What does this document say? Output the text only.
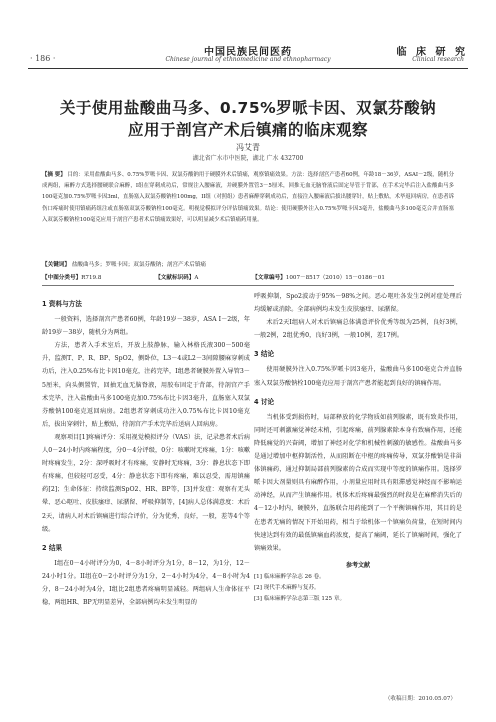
· 186 ·
中国民族民间医药
Chinese journal of ethnomedicine and ethnopharmacy
临 床 研 究
Clinical research
关于使用盐酸曲马多、0.75%罗哌卡因、双氯芬酸钠
应用于剖宫产术后镇痛的临床观察
冯艾青
湖北省广水市中医院，湖北 广水 432700
【摘 要】 目的：采用盐酸曲马多、0.75%罗哌卡因、双氯芬酸钠用于硬膜外术后镇痛，观察镇痛效果。方法：选择剖宫产患者60例，年龄18－36岁，ASAI－2级，随机分成两组，麻醉方式选择腰硬联合麻醉，I组在穿刺成功后，常规注入腰麻液，并硬膜外置管3－5厘米，回推无血无脑脊液后固定导管于背部，在手术完毕后注入盐酸曲马多100毫克加0.75%罗哌卡因3ml，直肠塞入双氯芬酸钠栓100mg，II组（对照组）患者麻醉穿刺成功后，直接注入腰麻液后拔出腰穿针，贴上敷贴，术毕返回病房，在患者诉伤口疼痛时使用镇痛药组注或直肠塞双氯芬酸钠栓100毫克。明视觉模拟评分评估镇痛效果。结论：使用硬膜外注入0.75%罗哌卡因3毫升，盐酸曲马多100毫克合并直肠塞入双氯芬酸钠栓100毫克应用于剖宫产患者术后镇痛效果好，可以明显减少术后镇痛药用量。
【关键词】 盐酸曲马多；罗哌卡因；双氯芬酸钠；剖宫产术后镇痛
【中图分类号】R719.8	【文献标识码】A	【文章编号】1007－8517（2010）15－0186－01

1 资料与方法

一般资料，选择剖宫产患者60例，年龄19岁－38岁，ASA I－2级，年龄19岁－38岁，随机分为两组。

方法，患者入手术室后，开放上肢静脉，输入林格氏液300－500毫升，监测T、P、R、BP、SpO2，侧卧位，L3－4或L2－3间隙腰麻穿刺成功后，注入0.25%布比卡因10毫克，注药完毕，I组患者硬膜外置入导管3－5厘米，向头侧置管，回抽无血无脑脊液，用胶布固定于背部，待剖宫产手术完毕，注入盐酸曲马多100毫克加0.75%布比卡因3毫升，直肠塞入双氯芬酸钠100毫克返回病房。2组患者穿刺成功注入0.75%布比卡因10毫克后，拔出穿刺针，贴上敷贴，待剖宫产手术完毕后送病人回病房。

观察项目[1]疼痛评分：采用视觉模拟评分（VAS）法，记录患者术后病人0－24小时内疼痛程度，分0－4分评级，0分：咳嗽时无疼痛，1分：咳嗽时疼痛发生，2分：深呼吸时才有疼痛，安静时无疼痛，3分：静息状态下即有疼痛，但较轻可忍受，4分：静息状态下即有疼痛，难以忍受，需用镇痛药[2]；生命体征：持续监测SpO2、HR、BP等，[3]并发症：观察有无头晕、恶心呕吐、皮肤瘙痒、尿潴留、呼吸抑制等，[4]病人总体满意度：术后2天，请病人对术后镇痛进行综合评价，分为优秀，良好，一般，差等4个等级。

2 结果

I组在0－4小时评分为0，4－8小时评分为1分，8－12，为1分，12－24小时1分。II组在0－2小时评分为1分，2－4小时为4分，4－8小时为4分，8－24小时为4分，I组比2组患者疼痛明显减轻。两组病人生命体征平稳，两组HR、BP无明显差异，全部病例均未发生明显的

呼吸抑制，Spo2波动于95%－98%之间。恶心呕吐各发生2例对症处理后均缓解或消除。全部病例均未发生皮肤瘙痒、尿潴留。

术后2天I组病人对术后镇痛总体满意评价优秀等级为25例，良好3例，一般2例，2组优秀0，良好3例，一般10例，差17例。

3 结论

使用硬膜外注入0.75%罗哌卡因3毫升，盐酸曲马多100毫克合并直肠塞入双氯芬酸钠栓100毫克应用于剖宫产患者能起到良好的镇痛作用。

4 讨论

当机体受到损伤时，局部释放的化学物质如前列腺素，既有致炎作用，同时还可刺激痛觉神经末梢，引起疼痛，前列腺素除本身有致痛作用，还能降低痛觉的兴奋阈，增加了神经对化学和机械性刺激的敏感性。盐酸曲马多是通过增加中枢抑制活性，从而阻断在中枢的疼痛传导，双氯芬酸钠是非甾体镇痛药，通过抑制局部前列腺素的合成而实现中等度的镇痛作用。选择罗哌卡因大剂量则具有麻醉作用，小剂量应用时具有阻滞感觉神经而不影响运动神经，从而产生镇痛作用。机体术后疼痛最强烈的时段是在麻醉消失后的4－12小时内，硬膜外，直肠联合用药能到了一个平衡镇痛作用，其目的是在患者无痛的情况下开始用药，相当于给机体一个镇痛负荷量，在短时间内快速达到有效的最低镇痛血药浓度，提高了痛阈，延长了镇痛时间，强化了镇痛效果。

参考文献

[1] 临床麻醉学杂志 26 卷。

[2] 现代手术麻醉与复苏。

[3] 临床麻醉学杂志第三版 125 章。

（收稿日期：2010.05.07）
